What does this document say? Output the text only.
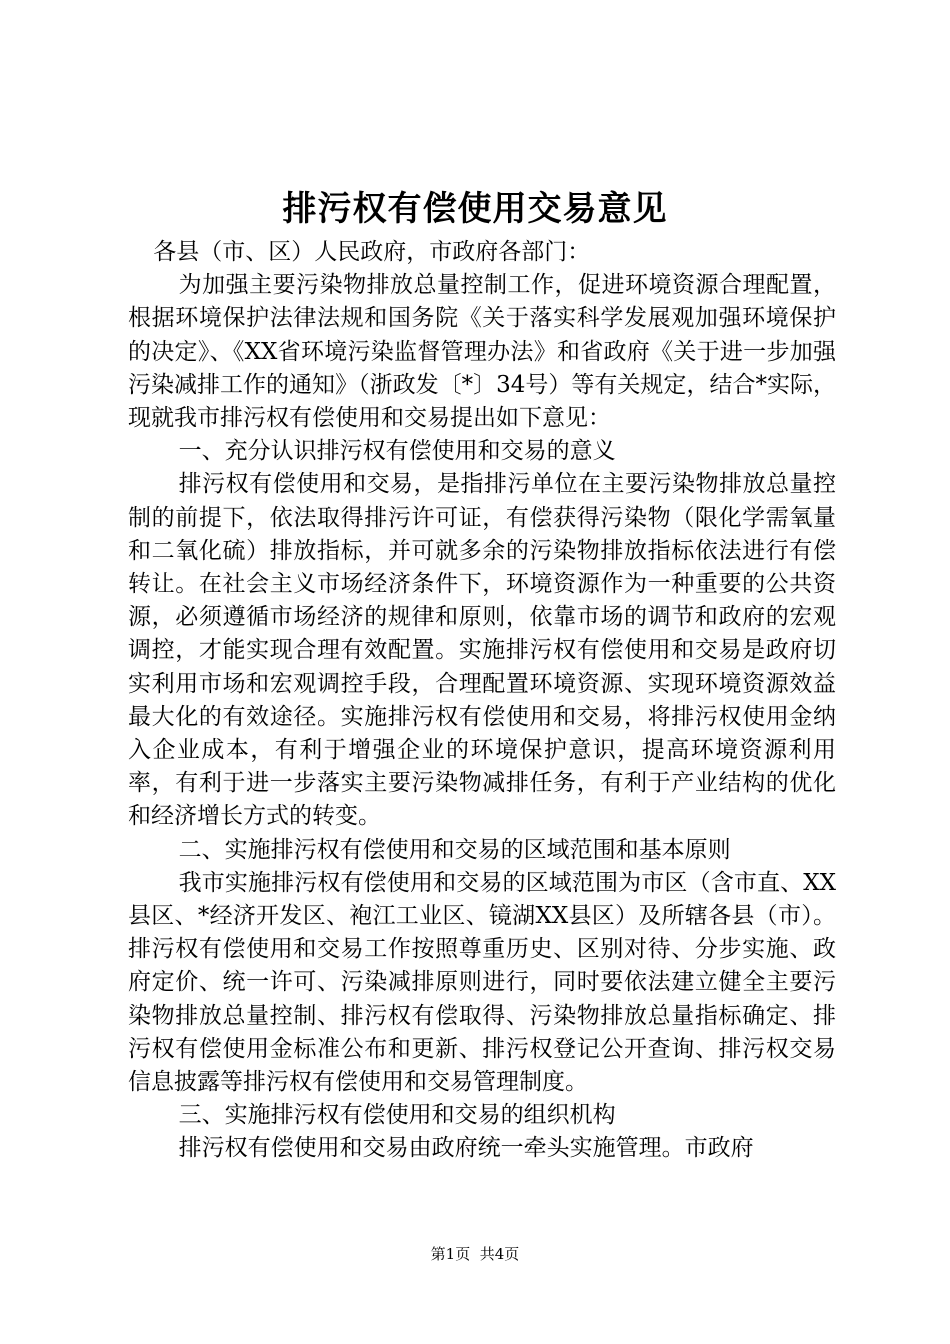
排污权有偿使用交易意见

各县（市、区）人民政府，市政府各部门：

为加强主要污染物排放总量控制工作，促进环境资源合理配置，根据环境保护法律法规和国务院《关于落实科学发展观加强环境保护的决定》、《XX省环境污染监督管理办法》和省政府《关于进一步加强污染减排工作的通知》（浙政发〔*〕34号）等有关规定，结合*实际，现就我市排污权有偿使用和交易提出如下意见：

一、充分认识排污权有偿使用和交易的意义

排污权有偿使用和交易，是指排污单位在主要污染物排放总量控制的前提下，依法取得排污许可证，有偿获得污染物（限化学需氧量和二氧化硫）排放指标，并可就多余的污染物排放指标依法进行有偿转让。在社会主义市场经济条件下，环境资源作为一种重要的公共资源，必须遵循市场经济的规律和原则，依靠市场的调节和政府的宏观调控，才能实现合理有效配置。实施排污权有偿使用和交易是政府切实利用市场和宏观调控手段，合理配置环境资源、实现环境资源效益最大化的有效途径。实施排污权有偿使用和交易，将排污权使用金纳入企业成本，有利于增强企业的环境保护意识，提高环境资源利用率，有利于进一步落实主要污染物减排任务，有利于产业结构的优化和经济增长方式的转变。

二、实施排污权有偿使用和交易的区域范围和基本原则

我市实施排污权有偿使用和交易的区域范围为市区（含市直、XX县区、*经济开发区、袍江工业区、镜湖XX县区）及所辖各县（市）。排污权有偿使用和交易工作按照尊重历史、区别对待、分步实施、政府定价、统一许可、污染减排原则进行，同时要依法建立健全主要污染物排放总量控制、排污权有偿取得、污染物排放总量指标确定、排污权有偿使用金标准公布和更新、排污权登记公开查询、排污权交易信息披露等排污权有偿使用和交易管理制度。

三、实施排污权有偿使用和交易的组织机构

排污权有偿使用和交易由政府统一牵头实施管理。市政府

第1页 共4页
